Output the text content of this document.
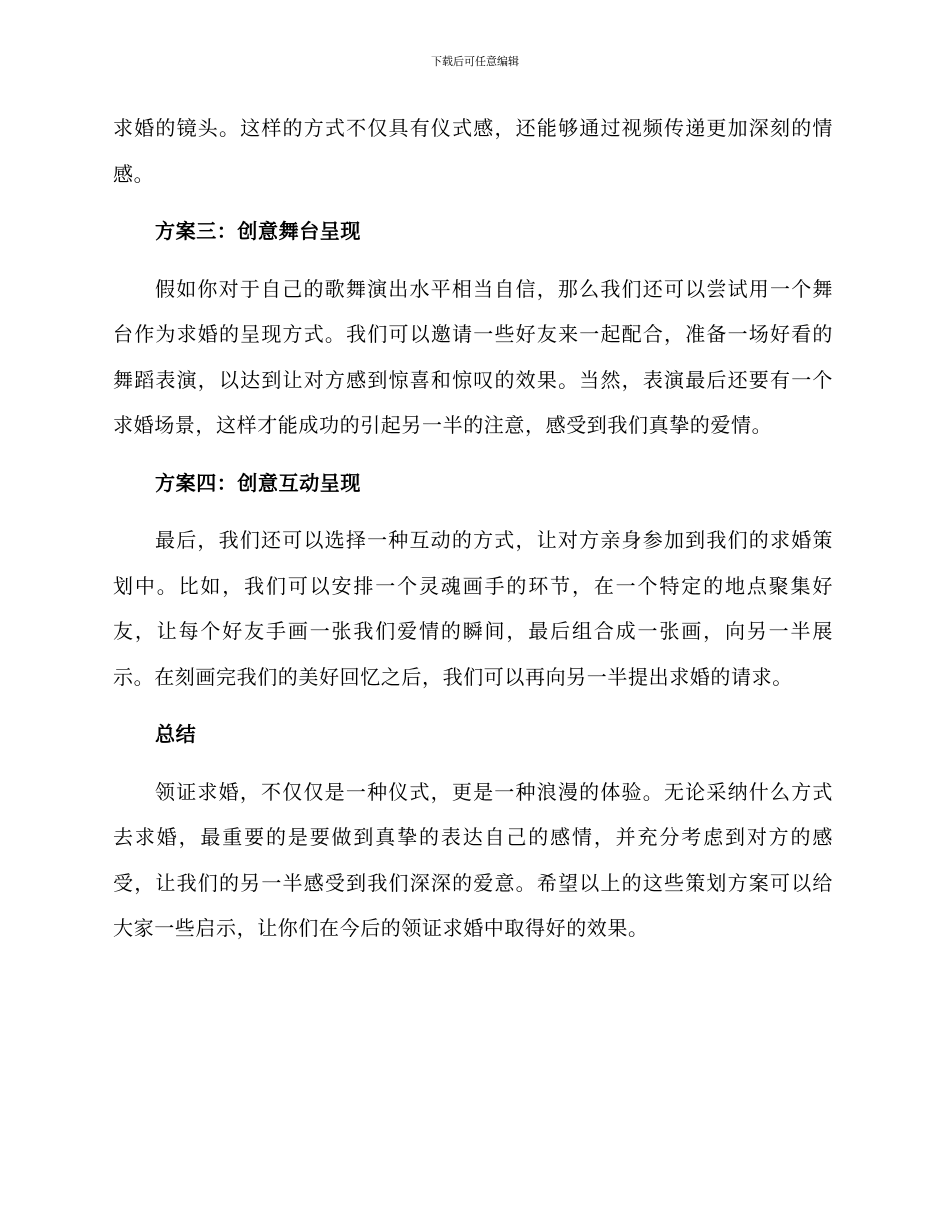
下载后可任意编辑

求婚的镜头。这样的方式不仅具有仪式感，还能够通过视频传递更加深刻的情感。

方案三：创意舞台呈现

假如你对于自己的歌舞演出水平相当自信，那么我们还可以尝试用一个舞台作为求婚的呈现方式。我们可以邀请一些好友来一起配合，准备一场好看的舞蹈表演，以达到让对方感到惊喜和惊叹的效果。当然，表演最后还要有一个求婚场景，这样才能成功的引起另一半的注意，感受到我们真挚的爱情。

方案四：创意互动呈现

最后，我们还可以选择一种互动的方式，让对方亲身参加到我们的求婚策划中。比如，我们可以安排一个灵魂画手的环节，在一个特定的地点聚集好友，让每个好友手画一张我们爱情的瞬间，最后组合成一张画，向另一半展示。在刻画完我们的美好回忆之后，我们可以再向另一半提出求婚的请求。

总结

领证求婚，不仅仅是一种仪式，更是一种浪漫的体验。无论采纳什么方式去求婚，最重要的是要做到真挚的表达自己的感情，并充分考虑到对方的感受，让我们的另一半感受到我们深深的爱意。希望以上的这些策划方案可以给大家一些启示，让你们在今后的领证求婚中取得好的效果。
